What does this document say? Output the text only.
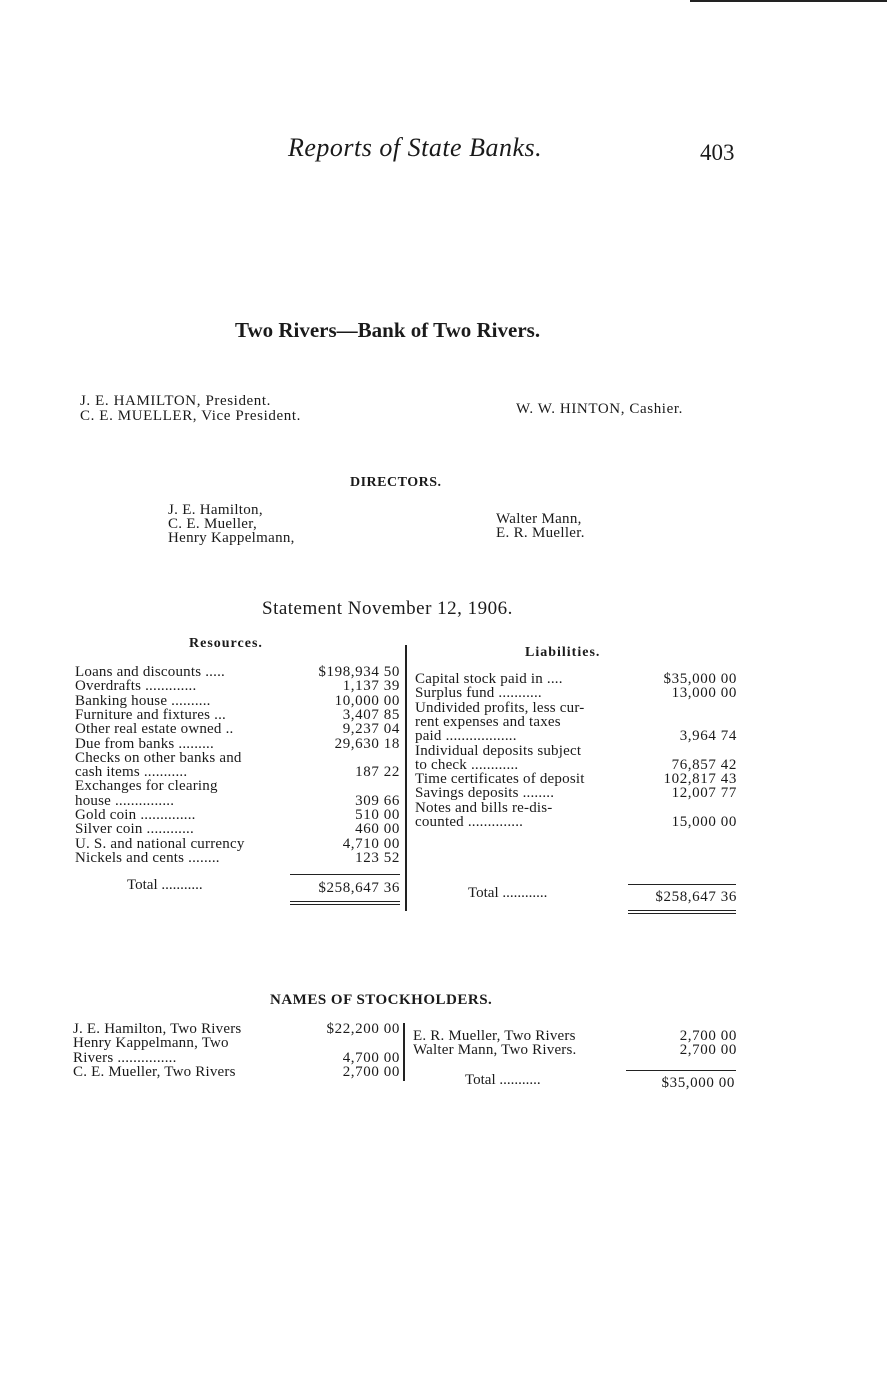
Reports of State Banks.	403
Two Rivers—Bank of Two Rivers.
J. E. HAMILTON, President.
C. E. MUELLER, Vice President.	W. W. HINTON, Cashier.
DIRECTORS.
J. E. Hamilton,
C. E. Mueller,
Henry Kappelmann,
Walter Mann,
E. R. Mueller.
Statement November 12, 1906.
Resources.
Liabilities.
Loans and discounts .....	$198,934 50
Overdrafts .............	1,137 39
Banking house ..........	10,000 00
Furniture and fixtures ...	3,407 85
Other real estate owned ..	9,237 04
Due from banks .........	29,630 18
Checks on other banks and
cash items ...........	187 22
Exchanges for clearing
house ...............	309 66
Gold coin ..............	510 00
Silver coin ............	460 00
U. S. and national currency	4,710 00
Nickels and cents ........	123 52
Capital stock paid in ....	$35,000 00
Surplus fund ...........	13,000 00
Undivided profits, less cur-
rent expenses and taxes
paid ..................	3,964 74
Individual deposits subject
to check ............	76,857 42
Time certificates of deposit	102,817 43
Savings deposits ........	12,007 77
Notes and bills re-dis-
counted ..............	15,000 00
Total ...........	$258,647 36	Total ............	$258,647 36
NAMES OF STOCKHOLDERS.
J. E. Hamilton, Two Rivers	$22,200 00
Henry Kappelmann, Two
Rivers ...............	4,700 00
C. E. Mueller, Two Rivers	2,700 00
E. R. Mueller, Two Rivers	2,700 00
Walter Mann, Two Rivers.	2,700 00
Total ...........	$35,000 00
